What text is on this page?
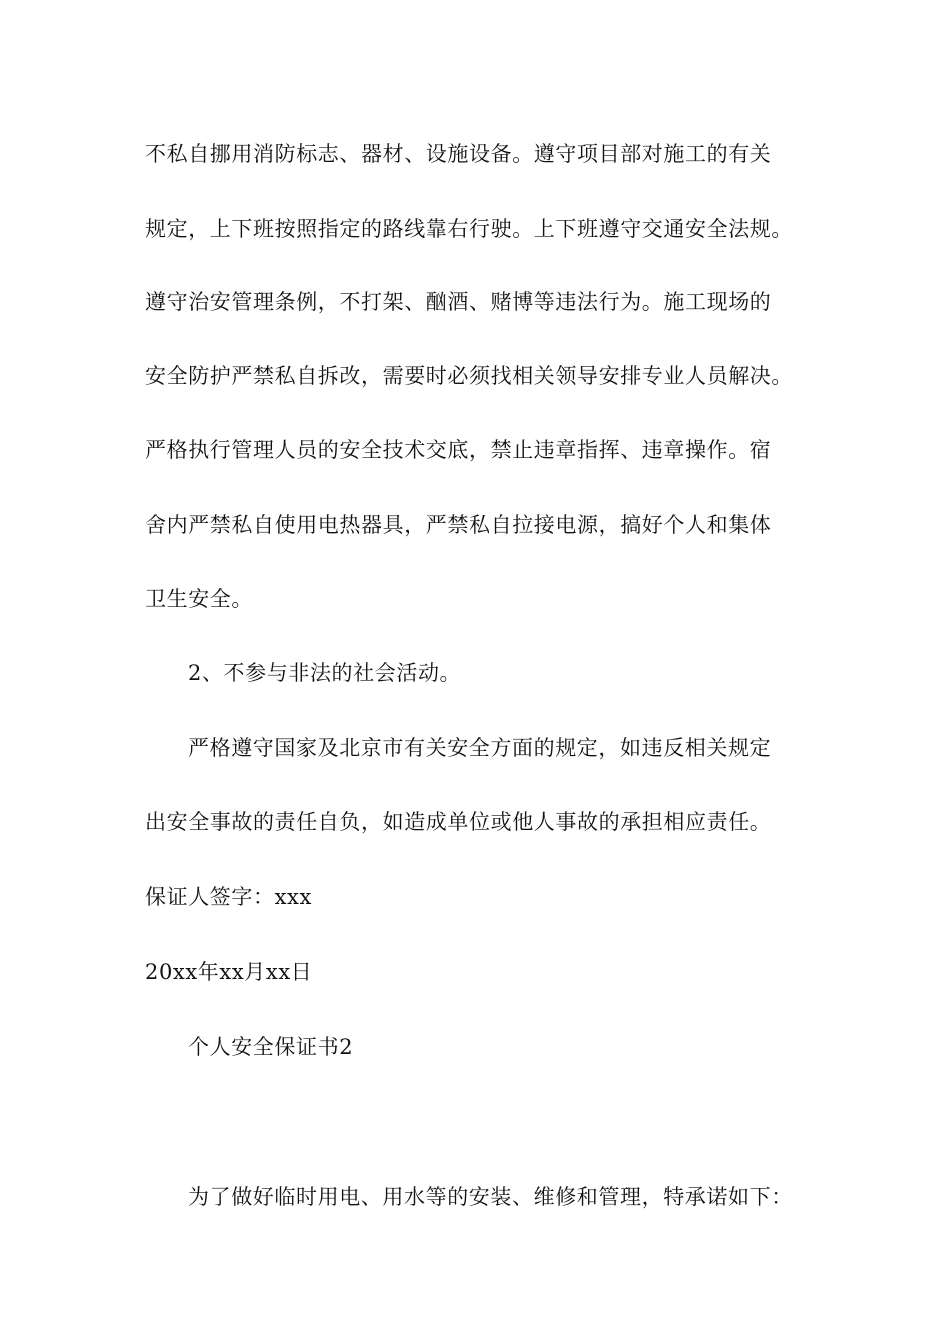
不私自挪用消防标志、器材、设施设备。遵守项目部对施工的有关
规定，上下班按照指定的路线靠右行驶。上下班遵守交通安全法规。
遵守治安管理条例，不打架、酗酒、赌博等违法行为。施工现场的
安全防护严禁私自拆改，需要时必须找相关领导安排专业人员解决。
严格执行管理人员的安全技术交底，禁止违章指挥、违章操作。宿
舍内严禁私自使用电热器具，严禁私自拉接电源，搞好个人和集体
卫生安全。
2、不参与非法的社会活动。
严格遵守国家及北京市有关安全方面的规定，如违反相关规定
出安全事故的责任自负，如造成单位或他人事故的承担相应责任。
保证人签字：xxx
20xx年xx月xx日
个人安全保证书2
为了做好临时用电、用水等的安装、维修和管理，特承诺如下：
